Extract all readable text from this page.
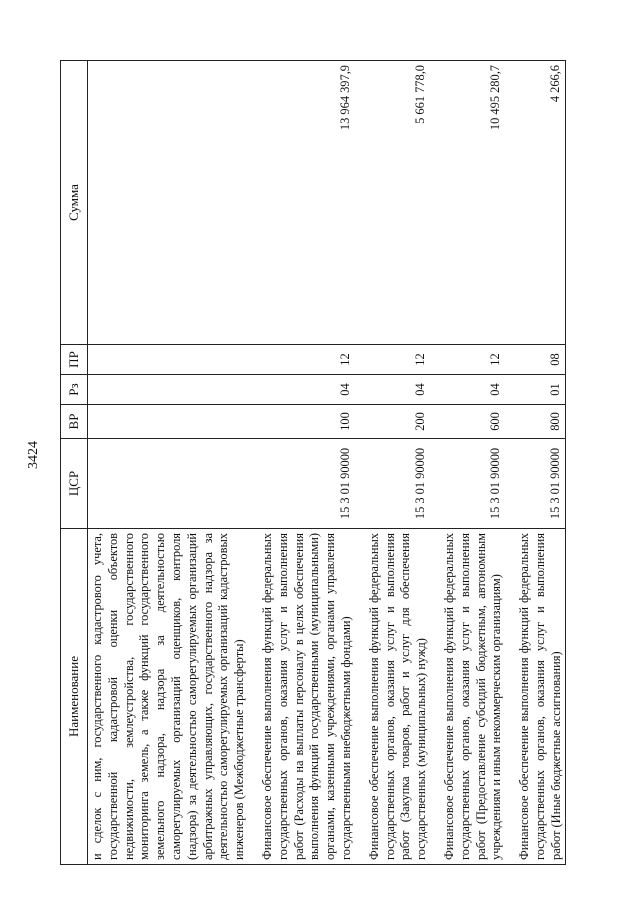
3424
Наименование	ЦСР	ВР	Рз	ПР	Сумма
и сделок с ним, государственного кадастрового учета, государственной кадастровой оценки объектов недвижимости, землеустройства, государственного мониторинга земель, а также функций государственного земельного надзора, надзора за деятельностью саморегулируемых организаций оценщиков, контроля (надзора) за деятельностью саморегулируемых организаций арбитражных управляющих, государственного надзора за деятельностью саморегулируемых организаций кадастровых инженеров (Межбюджетные трансферты)					
Финансовое обеспечение выполнения функций федеральных государственных органов, оказания услуг и выполнения работ (Расходы на выплаты персоналу в целях обеспечения выполнения функций государственными (муниципальными) органами, казенными учреждениями, органами управления государственными внебюджетными фондами)	15 3 01 90000	100	04	12	13 964 397,9
Финансовое обеспечение выполнения функций федеральных государственных органов, оказания услуг и выполнения работ (Закупка товаров, работ и услуг для обеспечения государственных (муниципальных) нужд)	15 3 01 90000	200	04	12	5 661 778,0
Финансовое обеспечение выполнения функций федеральных государственных органов, оказания услуг и выполнения работ (Предоставление субсидий бюджетным, автономным учреждениям и иным некоммерческим организациям)	15 3 01 90000	600	04	12	10 495 280,7
Финансовое обеспечение выполнения функций федеральных государственных органов, оказания услуг и выполнения работ (Иные бюджетные ассигнования)	15 3 01 90000	800	01	08	4 266,6
